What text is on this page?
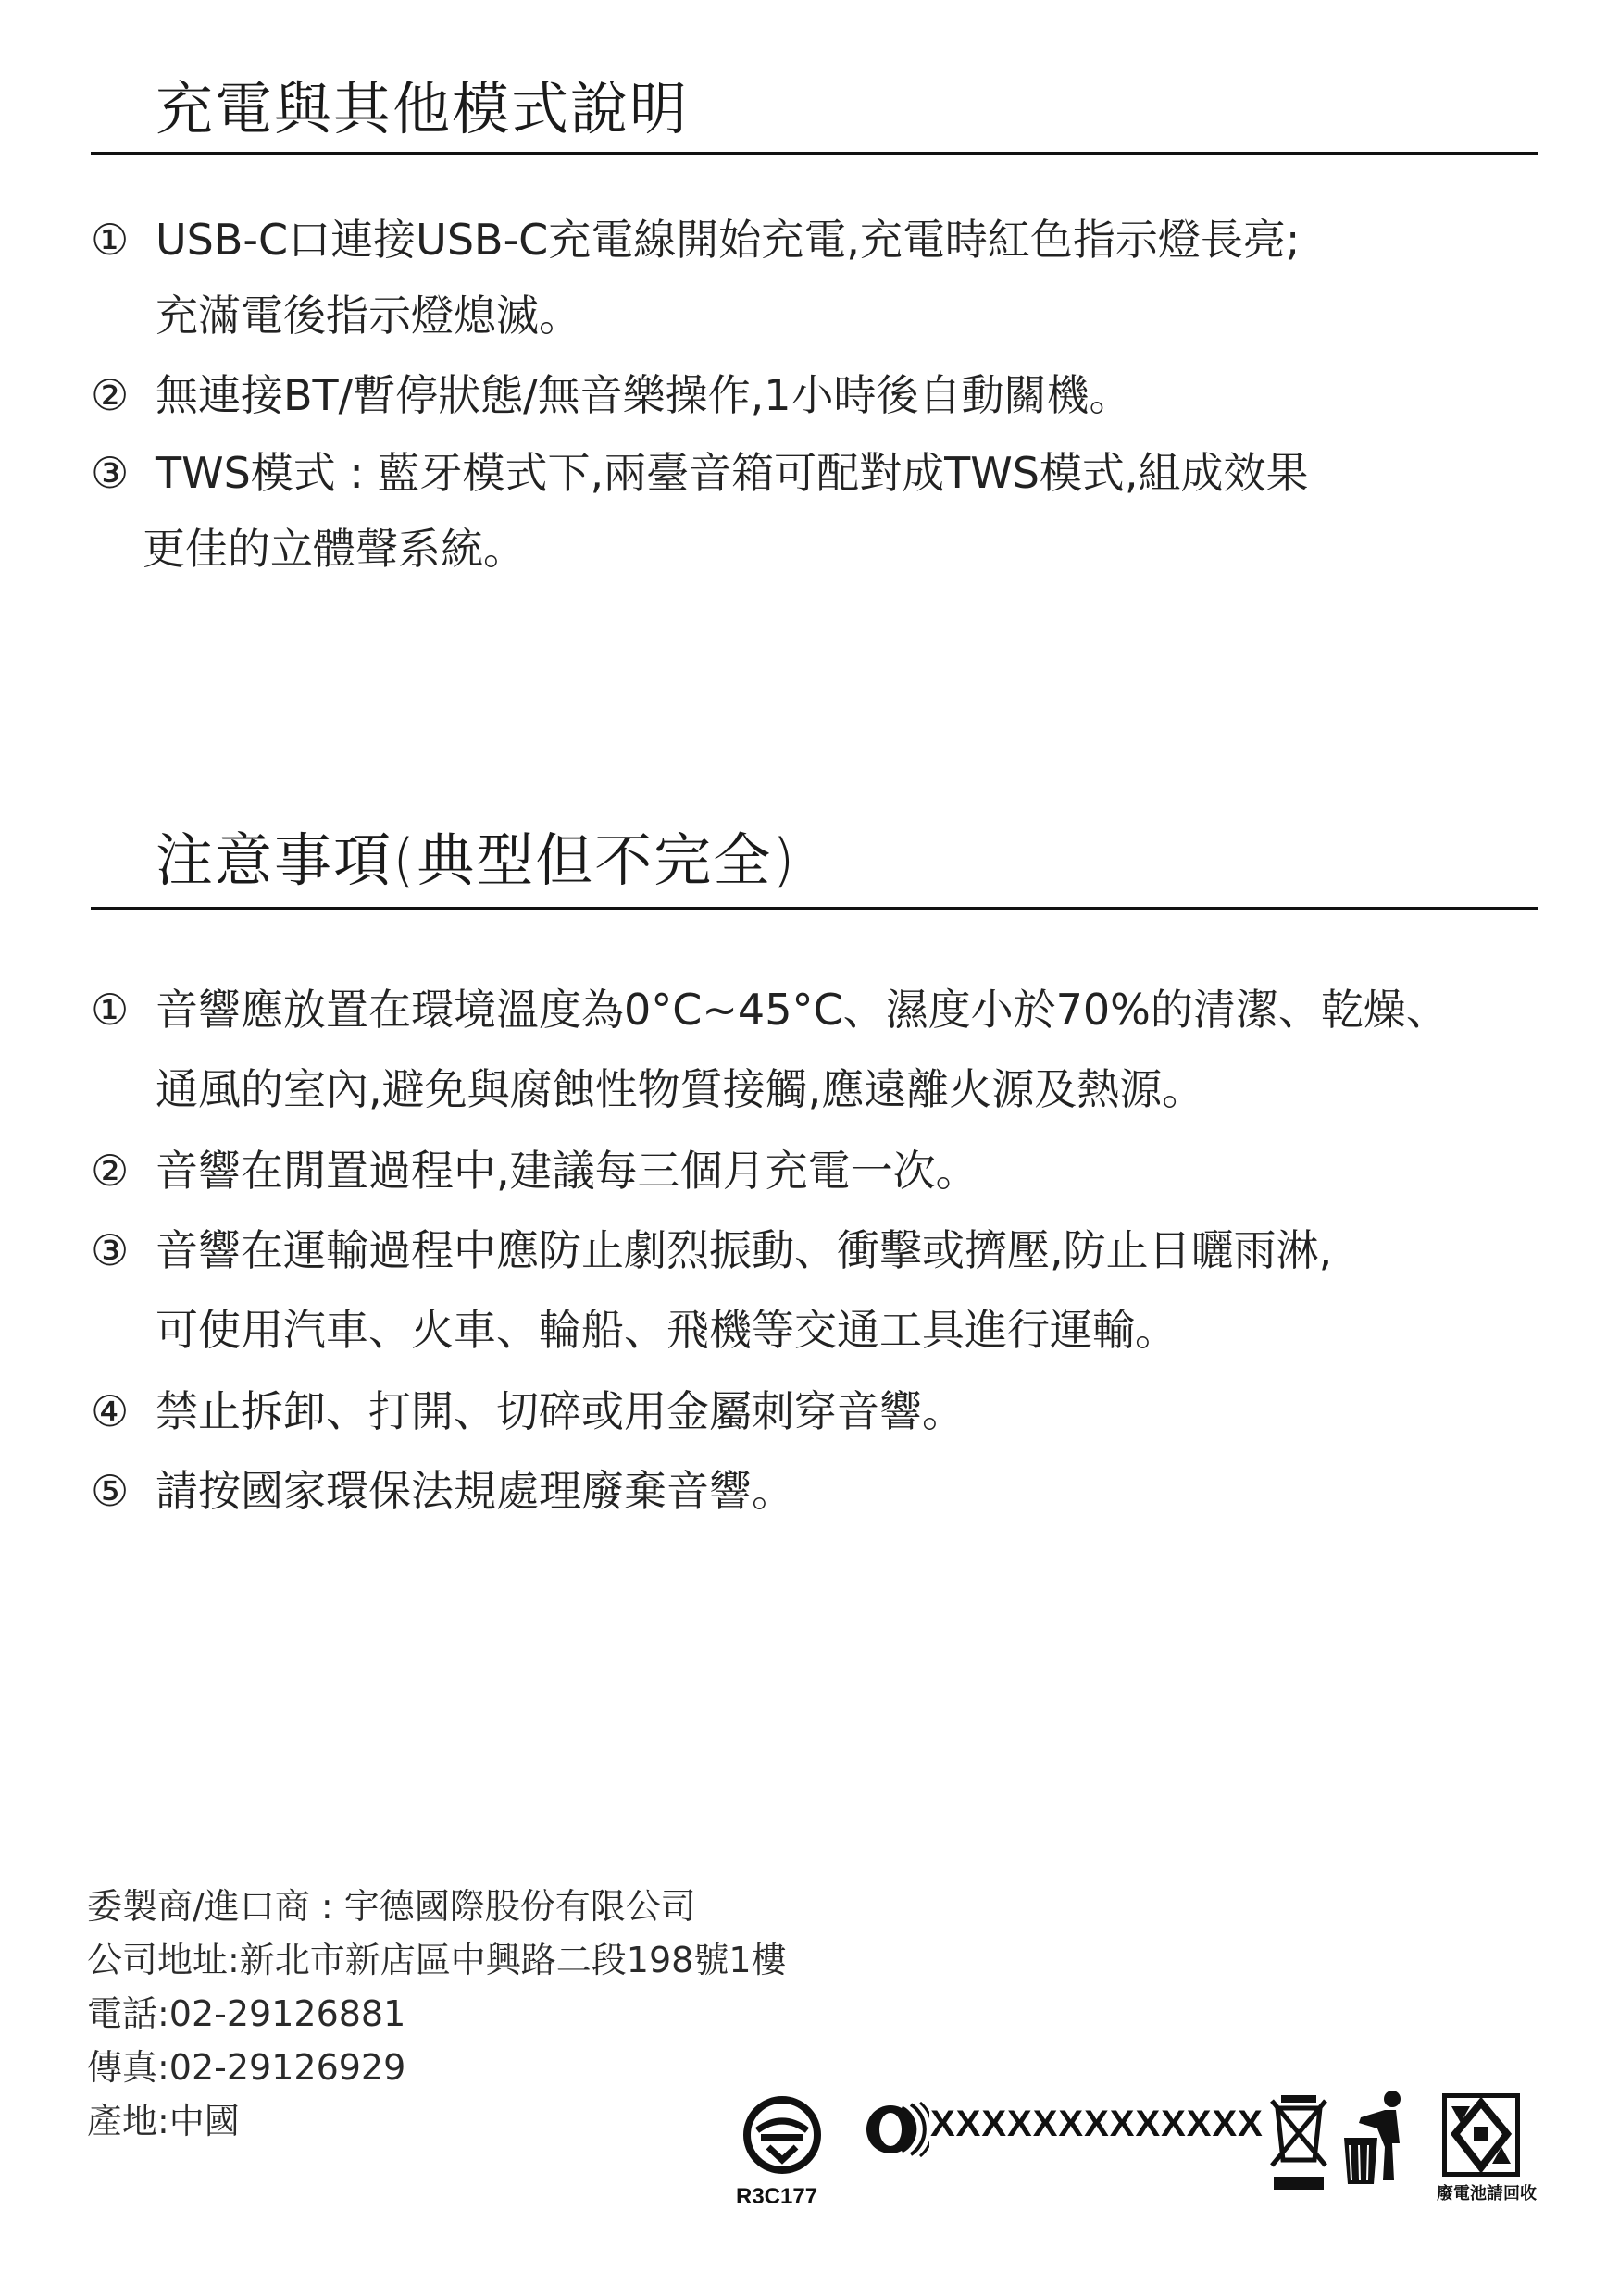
充電與其他模式說明
① USB-C口連接USB-C充電線開始充電,充電時紅色指示燈長亮;
充滿電後指示燈熄滅。
② 無連接BT/暫停狀態/無音樂操作,1小時後自動關機。
③ TWS模式 : 藍牙模式下,兩臺音箱可配對成TWS模式,組成效果
更佳的立體聲系統。
注意事項(典型但不完全)
① 音響應放置在環境溫度為0°C~45°C、濕度小於70%的清潔、乾燥、
通風的室內,避免與腐蝕性物質接觸,應遠離火源及熱源。
② 音響在閒置過程中,建議每三個月充電一次。
③ 音響在運輸過程中應防止劇烈振動、衝擊或擠壓,防止日曬雨淋,
可使用汽車、火車、輪船、飛機等交通工具進行運輸。
④ 禁止拆卸、打開、切碎或用金屬刺穿音響。
⑤ 請按國家環保法規處理廢棄音響。
委製商/進口商 : 宇德國際股份有限公司
公司地址:新北市新店區中興路二段198號1樓
電話:02-29126881
傳真:02-29126929
產地:中國
R3C177
XXXXXXXXXXXXX
廢電池請回收
